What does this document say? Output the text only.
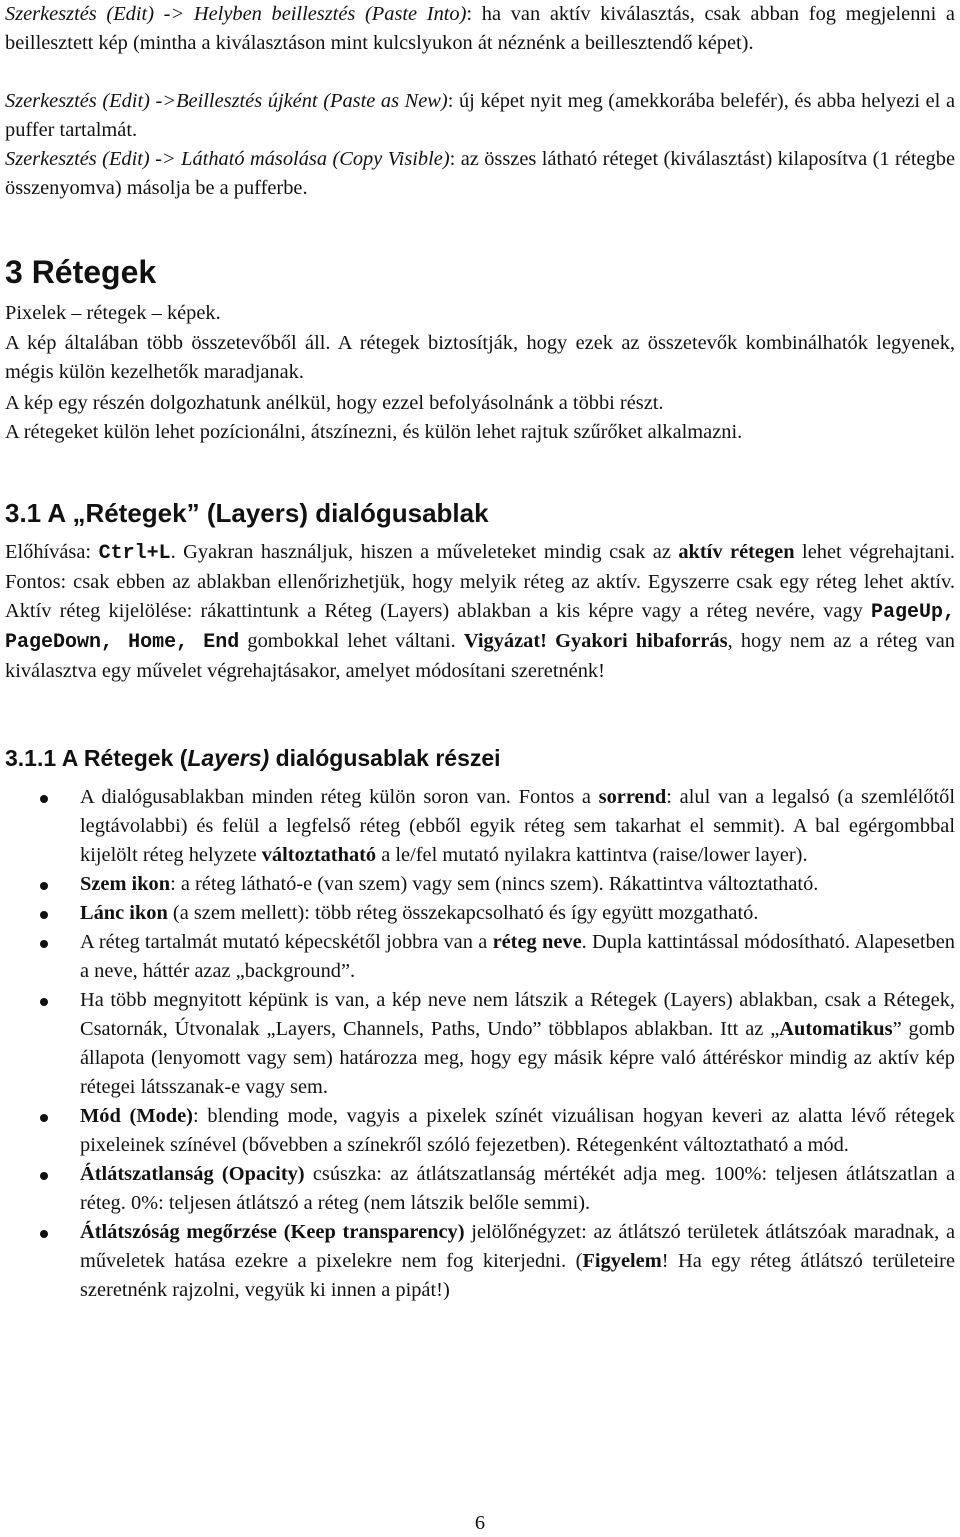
Szerkesztés (Edit) -> Helyben beillesztés (Paste Into): ha van aktív kiválasztás, csak abban fog megjelenni a beillesztett kép (mintha a kiválasztáson mint kulcslyukon át néznénk a beillesztendő képet).

Szerkesztés (Edit) ->Beillesztés újként (Paste as New): új képet nyit meg (amekkorába belefér), és abba helyezi el a puffer tartalmát.

Szerkesztés (Edit) -> Látható másolása (Copy Visible): az összes látható réteget (kiválasztást) kilaposítva (1 rétegbe összenyomva) másolja be a pufferbe.

3 Rétegek

Pixelek – rétegek – képek.

A kép általában több összetevőből áll. A rétegek biztosítják, hogy ezek az összetevők kombinálhatók legyenek, mégis külön kezelhetők maradjanak.

A kép egy részén dolgozhatunk anélkül, hogy ezzel befolyásolnánk a többi részt.

A rétegeket külön lehet pozícionálni, átszínezni, és külön lehet rajtuk szűrőket alkalmazni.

3.1 A „Rétegek” (Layers) dialógusablak

Előhívása: Ctrl+L. Gyakran használjuk, hiszen a műveleteket mindig csak az aktív rétegen lehet végrehajtani. Fontos: csak ebben az ablakban ellenőrizhetjük, hogy melyik réteg az aktív. Egyszerre csak egy réteg lehet aktív. Aktív réteg kijelölése: rákattintunk a Réteg (Layers) ablakban a kis képre vagy a réteg nevére, vagy PageUp, PageDown, Home, End gombokkal lehet váltani. Vigyázat! Gyakori hibaforrás, hogy nem az a réteg van kiválasztva egy művelet végrehajtásakor, amelyet módosítani szeretnénk!

3.1.1 A Rétegek (Layers) dialógusablak részei
A dialógusablakban minden réteg külön soron van. Fontos a sorrend: alul van a legalsó (a szemlélőtől legtávolabbi) és felül a legfelső réteg (ebből egyik réteg sem takarhat el semmit). A bal egérgombbal kijelölt réteg helyzete változtatható a le/fel mutató nyilakra kattintva (raise/lower layer).
Szem ikon: a réteg látható-e (van szem) vagy sem (nincs szem). Rákattintva változtatható.
Lánc ikon (a szem mellett): több réteg összekapcsolható és így együtt mozgatható.
A réteg tartalmát mutató képecskétől jobbra van a réteg neve. Dupla kattintással módosítható. Alapesetben a neve, háttér azaz „background”.
Ha több megnyitott képünk is van, a kép neve nem látszik a Rétegek (Layers) ablakban, csak a Rétegek, Csatornák, Útvonalak „Layers, Channels, Paths, Undo” többlapos ablakban. Itt az „Automatikus” gomb állapota (lenyomott vagy sem) határozza meg, hogy egy másik képre való áttéréskor mindig az aktív kép rétegei látsszanak-e vagy sem.
Mód (Mode): blending mode, vagyis a pixelek színét vizuálisan hogyan keveri az alatta lévő rétegek pixeleinek színével (bővebben a színekről szóló fejezetben). Rétegenként változtatható a mód.
Átlátszatlanság (Opacity) csúszka: az átlátszatlanság mértékét adja meg. 100%: teljesen átlátszatlan a réteg. 0%: teljesen átlátszó a réteg (nem látszik belőle semmi).
Átlátszóság megőrzése (Keep transparency) jelölőnégyzet: az átlátszó területek átlátszóak maradnak, a műveletek hatása ezekre a pixelekre nem fog kiterjedni. (Figyelem! Ha egy réteg átlátszó területeire szeretnénk rajzolni, vegyük ki innen a pipát!)
6
